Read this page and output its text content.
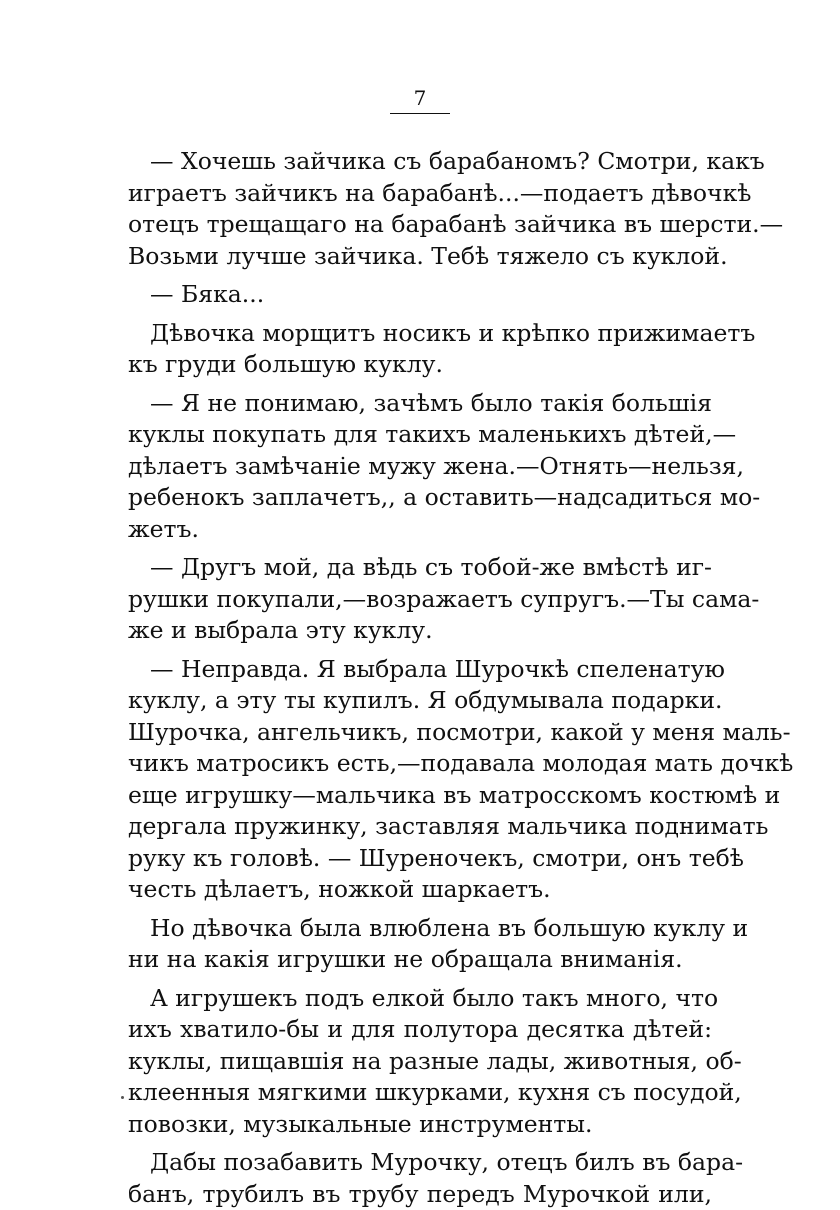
7
— Хочешь зайчика съ барабаномъ? Смотри, какъ
играетъ зайчикъ на барабанѣ...—подаетъ дѣвочкѣ
отецъ трещащаго на барабанѣ зайчика въ шерсти.—
Возьми лучше зайчика. Тебѣ тяжело съ куклой.
— Бяка...
Дѣвочка морщитъ носикъ и крѣпко прижимаетъ
къ груди большую куклу.
— Я не понимаю, зачѣмъ было такія большія
куклы покупать для такихъ маленькихъ дѣтей,—
дѣлаетъ замѣчаніе мужу жена.—Отнять—нельзя,
ребенокъ заплачетъ,, а оставить—надсадиться мо-
жетъ.
— Другъ мой, да вѣдь съ тобой-же вмѣстѣ иг-
рушки покупали,—возражаетъ супругъ.—Ты сама-
же и выбрала эту куклу.
— Неправда. Я выбрала Шурочкѣ спеленатую
куклу, а эту ты купилъ. Я обдумывала подарки.
Шурочка, ангельчикъ, посмотри, какой у меня маль-
чикъ матросикъ есть,—подавала молодая мать дочкѣ
еще игрушку—мальчика въ матросскомъ костюмѣ и
дергала пружинку, заставляя мальчика поднимать
руку къ головѣ. — Шуреночекъ, смотри, онъ тебѣ
честь дѣлаетъ, ножкой шаркаетъ.
Но дѣвочка была влюблена въ большую куклу и
ни на какія игрушки не обращала вниманія.
А игрушекъ подъ елкой было такъ много, что
ихъ хватило-бы и для полутора десятка дѣтей:
куклы, пищавшія на разные лады, животныя, об-
клеенныя мягкими шкурками, кухня съ посудой,
повозки, музыкальные инструменты.
Дабы позабавить Мурочку, отецъ билъ въ бара-
банъ, трубилъ въ трубу передъ Мурочкой или,
